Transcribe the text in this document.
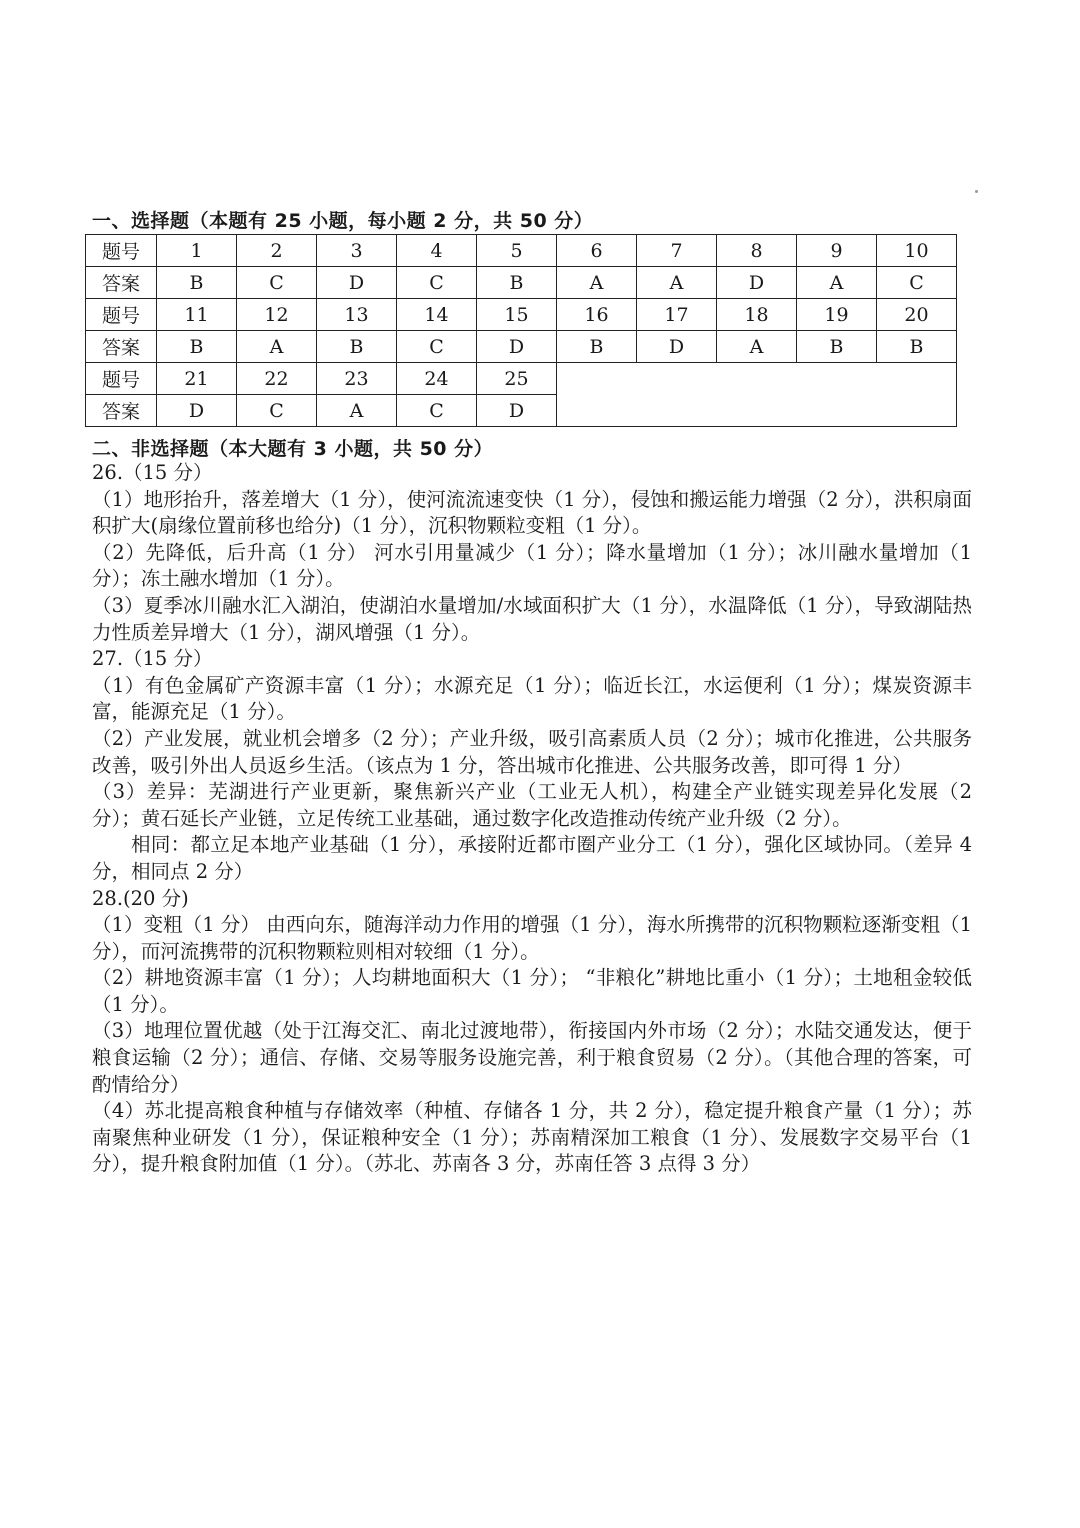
一、选择题（本题有 25 小题，每小题 2 分，共 50 分）
题号	1	2	3	4	5	6	7	8	9	10
答案	B	C	D	C	B	A	A	D	A	C
题号	11	12	13	14	15	16	17	18	19	20
答案	B	A	B	C	D	B	D	A	B	B
题号	21	22	23	24	25					
答案	D	C	A	C	D					
二、非选择题（本大题有 3 小题，共 50 分）

26.（15 分）

（1）地形抬升，落差增大（1 分），使河流流速变快（1 分），侵蚀和搬运能力增强（2 分），洪积扇面积扩大(扇缘位置前移也给分)（1 分），沉积物颗粒变粗（1 分）。

（2）先降低，后升高（1 分） 河水引用量减少（1 分）；降水量增加（1 分）；冰川融水量增加（1 分）；冻土融水增加（1 分）。

（3）夏季冰川融水汇入湖泊，使湖泊水量增加/水域面积扩大（1 分），水温降低（1 分），导致湖陆热力性质差异增大（1 分），湖风增强（1 分）。

27.（15 分）

（1）有色金属矿产资源丰富（1 分）；水源充足（1 分）；临近长江，水运便利（1 分）；煤炭资源丰富，能源充足（1 分）。

（2）产业发展，就业机会增多（2 分）；产业升级，吸引高素质人员（2 分）；城市化推进，公共服务改善，吸引外出人员返乡生活。（该点为 1 分，答出城市化推进、公共服务改善，即可得 1 分）

（3）差异：芜湖进行产业更新，聚焦新兴产业（工业无人机），构建全产业链实现差异化发展（2 分）；黄石延长产业链，立足传统工业基础，通过数字化改造推动传统产业升级（2 分）。

相同：都立足本地产业基础（1 分），承接附近都市圈产业分工（1 分），强化区域协同。（差异 4 分，相同点 2 分）

28.(20 分)

（1）变粗（1 分） 由西向东，随海洋动力作用的增强（1 分），海水所携带的沉积物颗粒逐渐变粗（1 分），而河流携带的沉积物颗粒则相对较细（1 分）。

（2）耕地资源丰富（1 分）；人均耕地面积大（1 分）； “非粮化”耕地比重小（1 分）；土地租金较低（1 分）。

（3）地理位置优越（处于江海交汇、南北过渡地带），衔接国内外市场（2 分）；水陆交通发达，便于粮食运输（2 分）；通信、存储、交易等服务设施完善，利于粮食贸易（2 分）。（其他合理的答案，可酌情给分）

（4）苏北提高粮食种植与存储效率（种植、存储各 1 分，共 2 分），稳定提升粮食产量（1 分）；苏南聚焦种业研发（1 分），保证粮种安全（1 分）；苏南精深加工粮食（1 分）、发展数字交易平台（1 分），提升粮食附加值（1 分）。（苏北、苏南各 3 分，苏南任答 3 点得 3 分）
